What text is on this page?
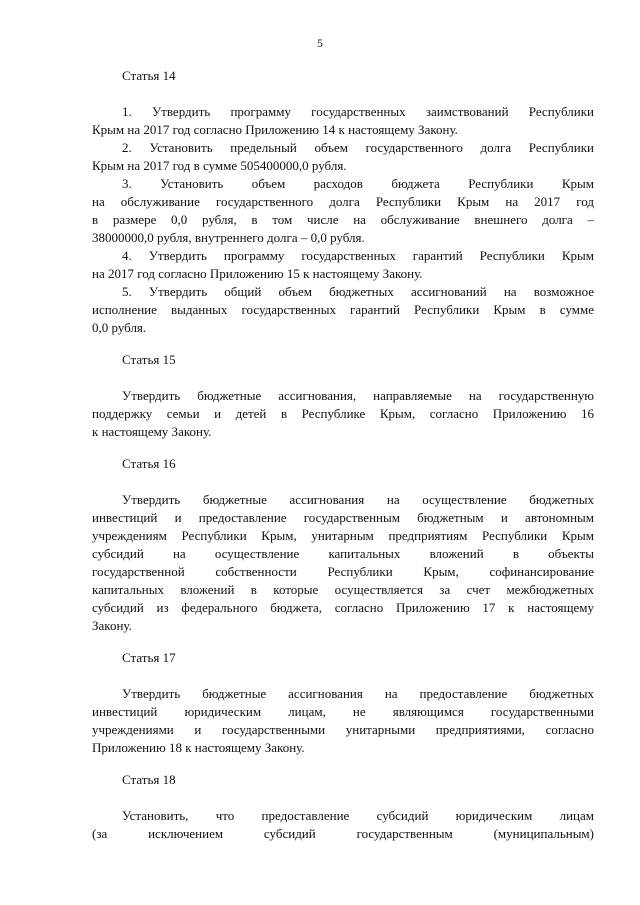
5
Статья 14
1. Утвердить программу государственных заимствований Республики
Крым на 2017 год согласно Приложению 14 к настоящему Закону.
2. Установить предельный объем государственного долга Республики
Крым на 2017 год в сумме 505400000,0 рубля.
3. Установить объем расходов бюджета Республики Крым
на обслуживание государственного долга Республики Крым на 2017 год
в размере 0,0 рубля, в том числе на обслуживание внешнего долга –
38000000,0 рубля, внутреннего долга – 0,0 рубля.
4. Утвердить программу государственных гарантий Республики Крым
на 2017 год согласно Приложению 15 к настоящему Закону.
5. Утвердить общий объем бюджетных ассигнований на возможное
исполнение выданных государственных гарантий Республики Крым в сумме
0,0 рубля.
Статья 15
Утвердить бюджетные ассигнования, направляемые на государственную
поддержку семьи и детей в Республике Крым, согласно Приложению 16
к настоящему Закону.
Статья 16
Утвердить бюджетные ассигнования на осуществление бюджетных
инвестиций и предоставление государственным бюджетным и автономным
учреждениям Республики Крым, унитарным предприятиям Республики Крым
субсидий на осуществление капитальных вложений в объекты
государственной собственности Республики Крым, софинансирование
капитальных вложений в которые осуществляется за счет межбюджетных
субсидий из федерального бюджета, согласно Приложению 17 к настоящему
Закону.
Статья 17
Утвердить бюджетные ассигнования на предоставление бюджетных
инвестиций юридическим лицам, не являющимся государственными
учреждениями и государственными унитарными предприятиями, согласно
Приложению 18 к настоящему Закону.
Статья 18
Установить, что предоставление субсидий юридическим лицам
(за исключением субсидий государственным (муниципальным)
